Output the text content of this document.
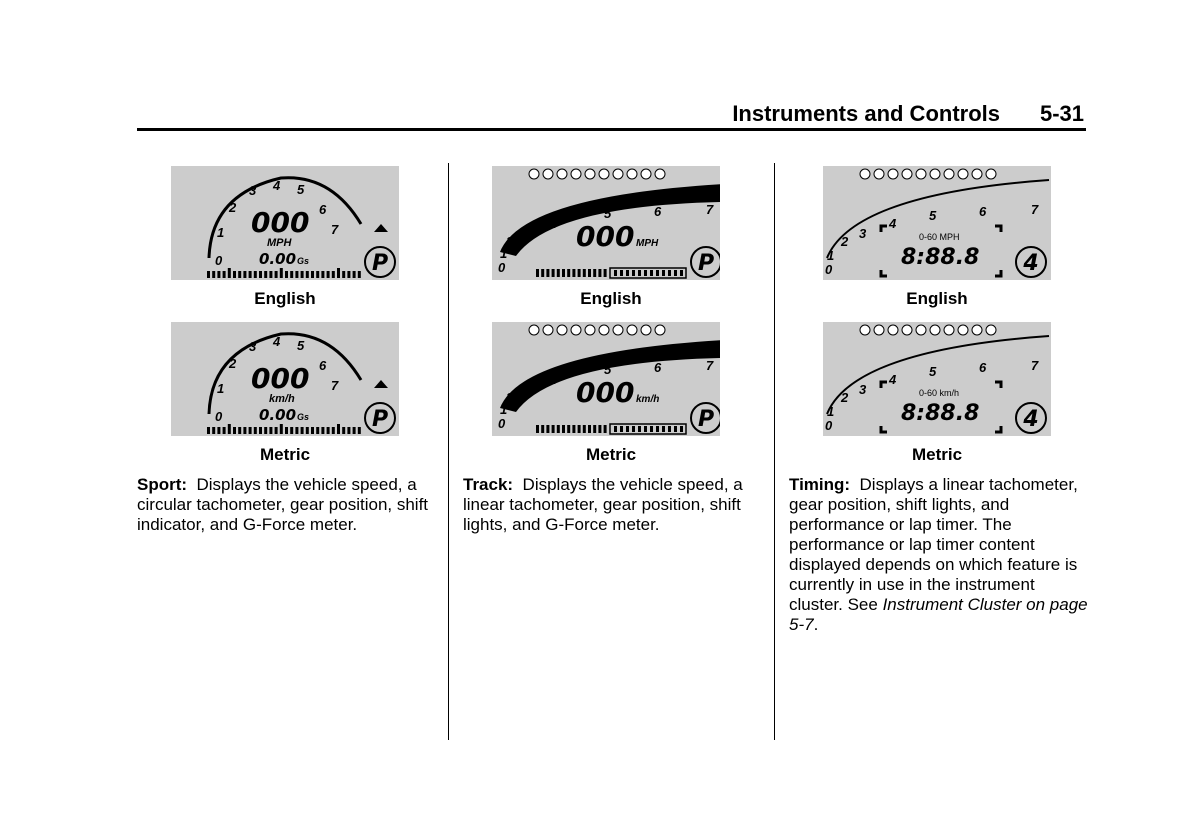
Instruments and Controls 5-31
0
1
2
3 4 5
6
7
000
MPH
0.00 Gs	P
English
0
1
2
3 4 5
6
7
000
km/h
0.00 Gs	P
Metric
Sport: Displays the vehicle speed, a circular tachometer, gear position, shift indicator, and G-Force meter.
0
1
2
3
4
5	6	7
000 MPH
P
English
0
1
2
3
4
5	6	7
000 km/h
P
Metric
Track: Displays the vehicle speed, a linear tachometer, gear position, shift lights, and G-Force meter.
0
1
2
3
4
5	6	7
0-60 MPH
8:88.8 4
English
0
1
2
3
4
5	6	7
0-60 km/h
8:88.8 4
Metric
Timing: Displays a linear tachometer, gear position, shift lights, and performance or lap timer. The performance or lap timer content displayed depends on which feature is currently in use in the instrument cluster. See Instrument Cluster on page 5-7.
